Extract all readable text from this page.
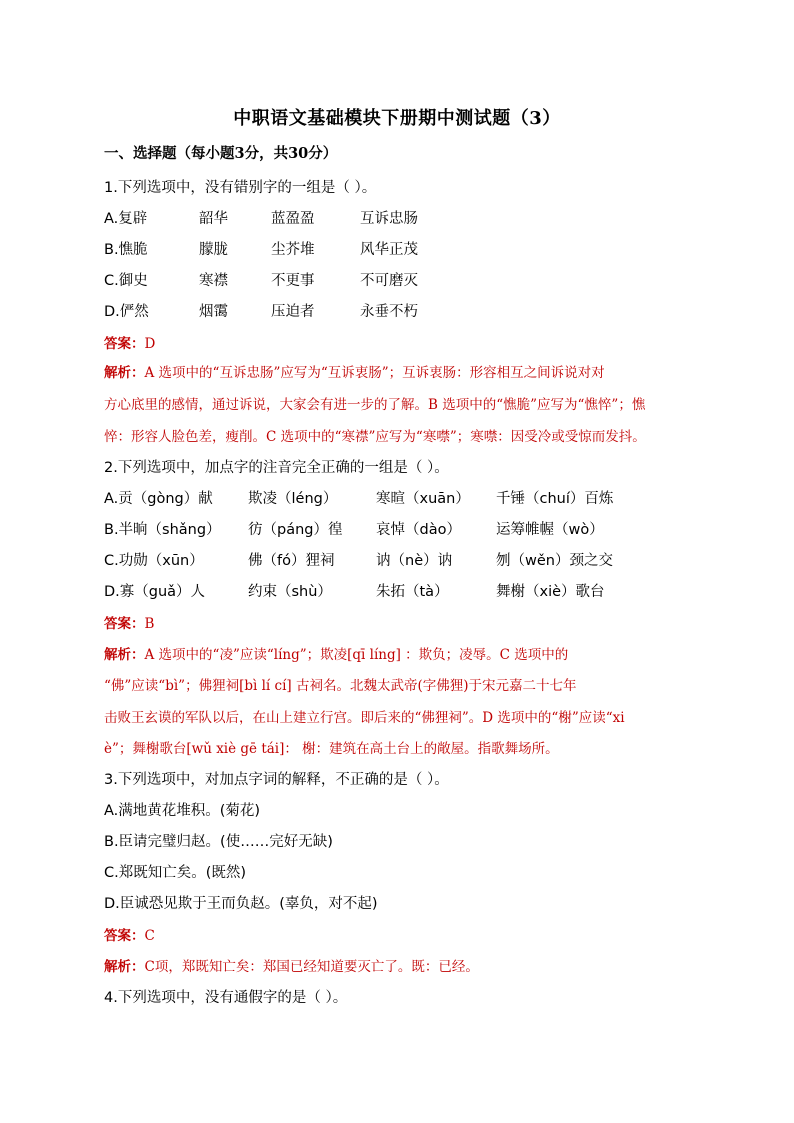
中职语文基础模块下册期中测试题（3）
一、选择题（每小题3分，共30分）
1.下列选项中，没有错别字的一组是（ ）。
A.复辟	韶华	蓝盈盈	互诉忠肠
B.憔脆	朦胧	尘芥堆	风华正茂
C.御史	寒襟	不更事	不可磨灭
D.俨然	烟霭	压迫者	永垂不朽
答案：D
解析：A 选项中的“互诉忠肠”应写为“互诉衷肠”；互诉衷肠：形容相互之间诉说对对
方心底里的感情，通过诉说，大家会有进一步的了解。B 选项中的“憔脆”应写为“憔悴”；憔
悴：形容人脸色差，瘦削。C 选项中的“寒襟”应写为“寒噤”；寒噤：因受冷或受惊而发抖。
2.下列选项中，加点字的注音完全正确的一组是（ ）。
A.贡（gòng）献 欺凌（léng）	寒暄（xuān） 千锤（chuí）百炼
B.半晌（shǎng） 彷（páng）徨 哀悼（dào） 运筹帷幄（wò）
C.功勋（xūn）	佛（fó）狸祠	讷（nè）讷	刎（wěn）颈之交
D.寡（guǎ）人	约束（shù）	朱拓（tà）	舞榭（xiè）歌台
答案：B
解析：A 选项中的“凌”应读“líng”；欺凌[qī líng] ：欺负；凌辱。C 选项中的
“佛”应读“bì”；佛狸祠[bì lí cí] 古祠名。北魏太武帝(字佛狸)于宋元嘉二十七年
击败王玄谟的军队以后，在山上建立行宫。即后来的“佛狸祠”。D 选项中的“榭”应读“xi
è”；舞榭歌台[wǔ xiè gē tái]： 榭：建筑在高土台上的敞屋。指歌舞场所。
3.下列选项中，对加点字词的解释，不正确的是（ ）。
A.满地黄花堆积。(菊花)
B.臣请完璧归赵。(使……完好无缺)
C.郑既知亡矣。(既然)
D.臣诚恐见欺于王而负赵。(辜负，对不起)
答案：C
解析：C项，郑既知亡矣：郑国已经知道要灭亡了。既：已经。
4.下列选项中，没有通假字的是（ ）。
